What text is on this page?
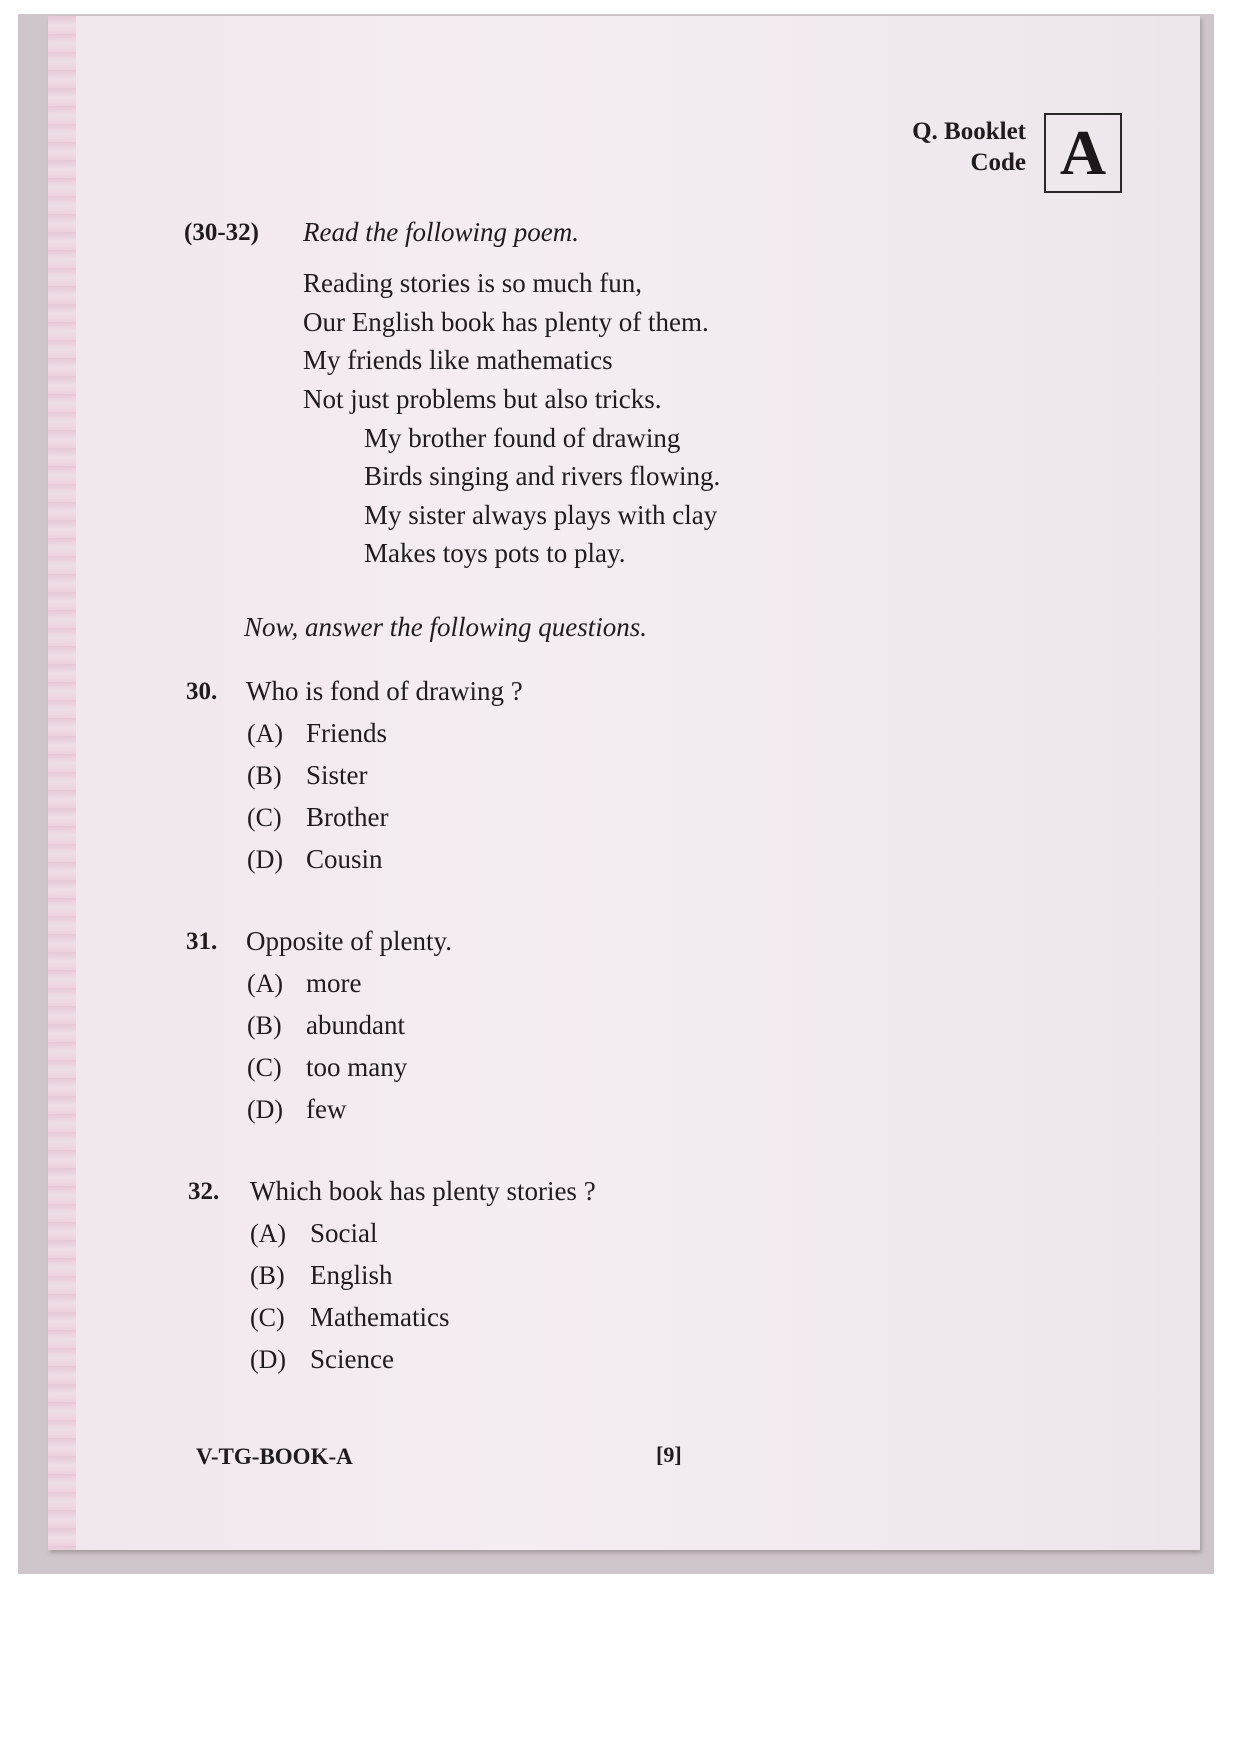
Q. Booklet
Code A
(30-32) Read the following poem.
Reading stories is so much fun,
Our English book has plenty of them.
My friends like mathematics
Not just problems but also tricks.
My brother found of drawing
Birds singing and rivers flowing.
My sister always plays with clay
Makes toys pots to play.
Now, answer the following questions.
30. Who is fond of drawing ?
(A) Friends
(B) Sister
(C) Brother
(D) Cousin
31. Opposite of plenty.
(A) more
(B) abundant
(C) too many
(D) few
32. Which book has plenty stories ?
(A) Social
(B) English
(C) Mathematics
(D) Science
V-TG-BOOK-A	[9]
